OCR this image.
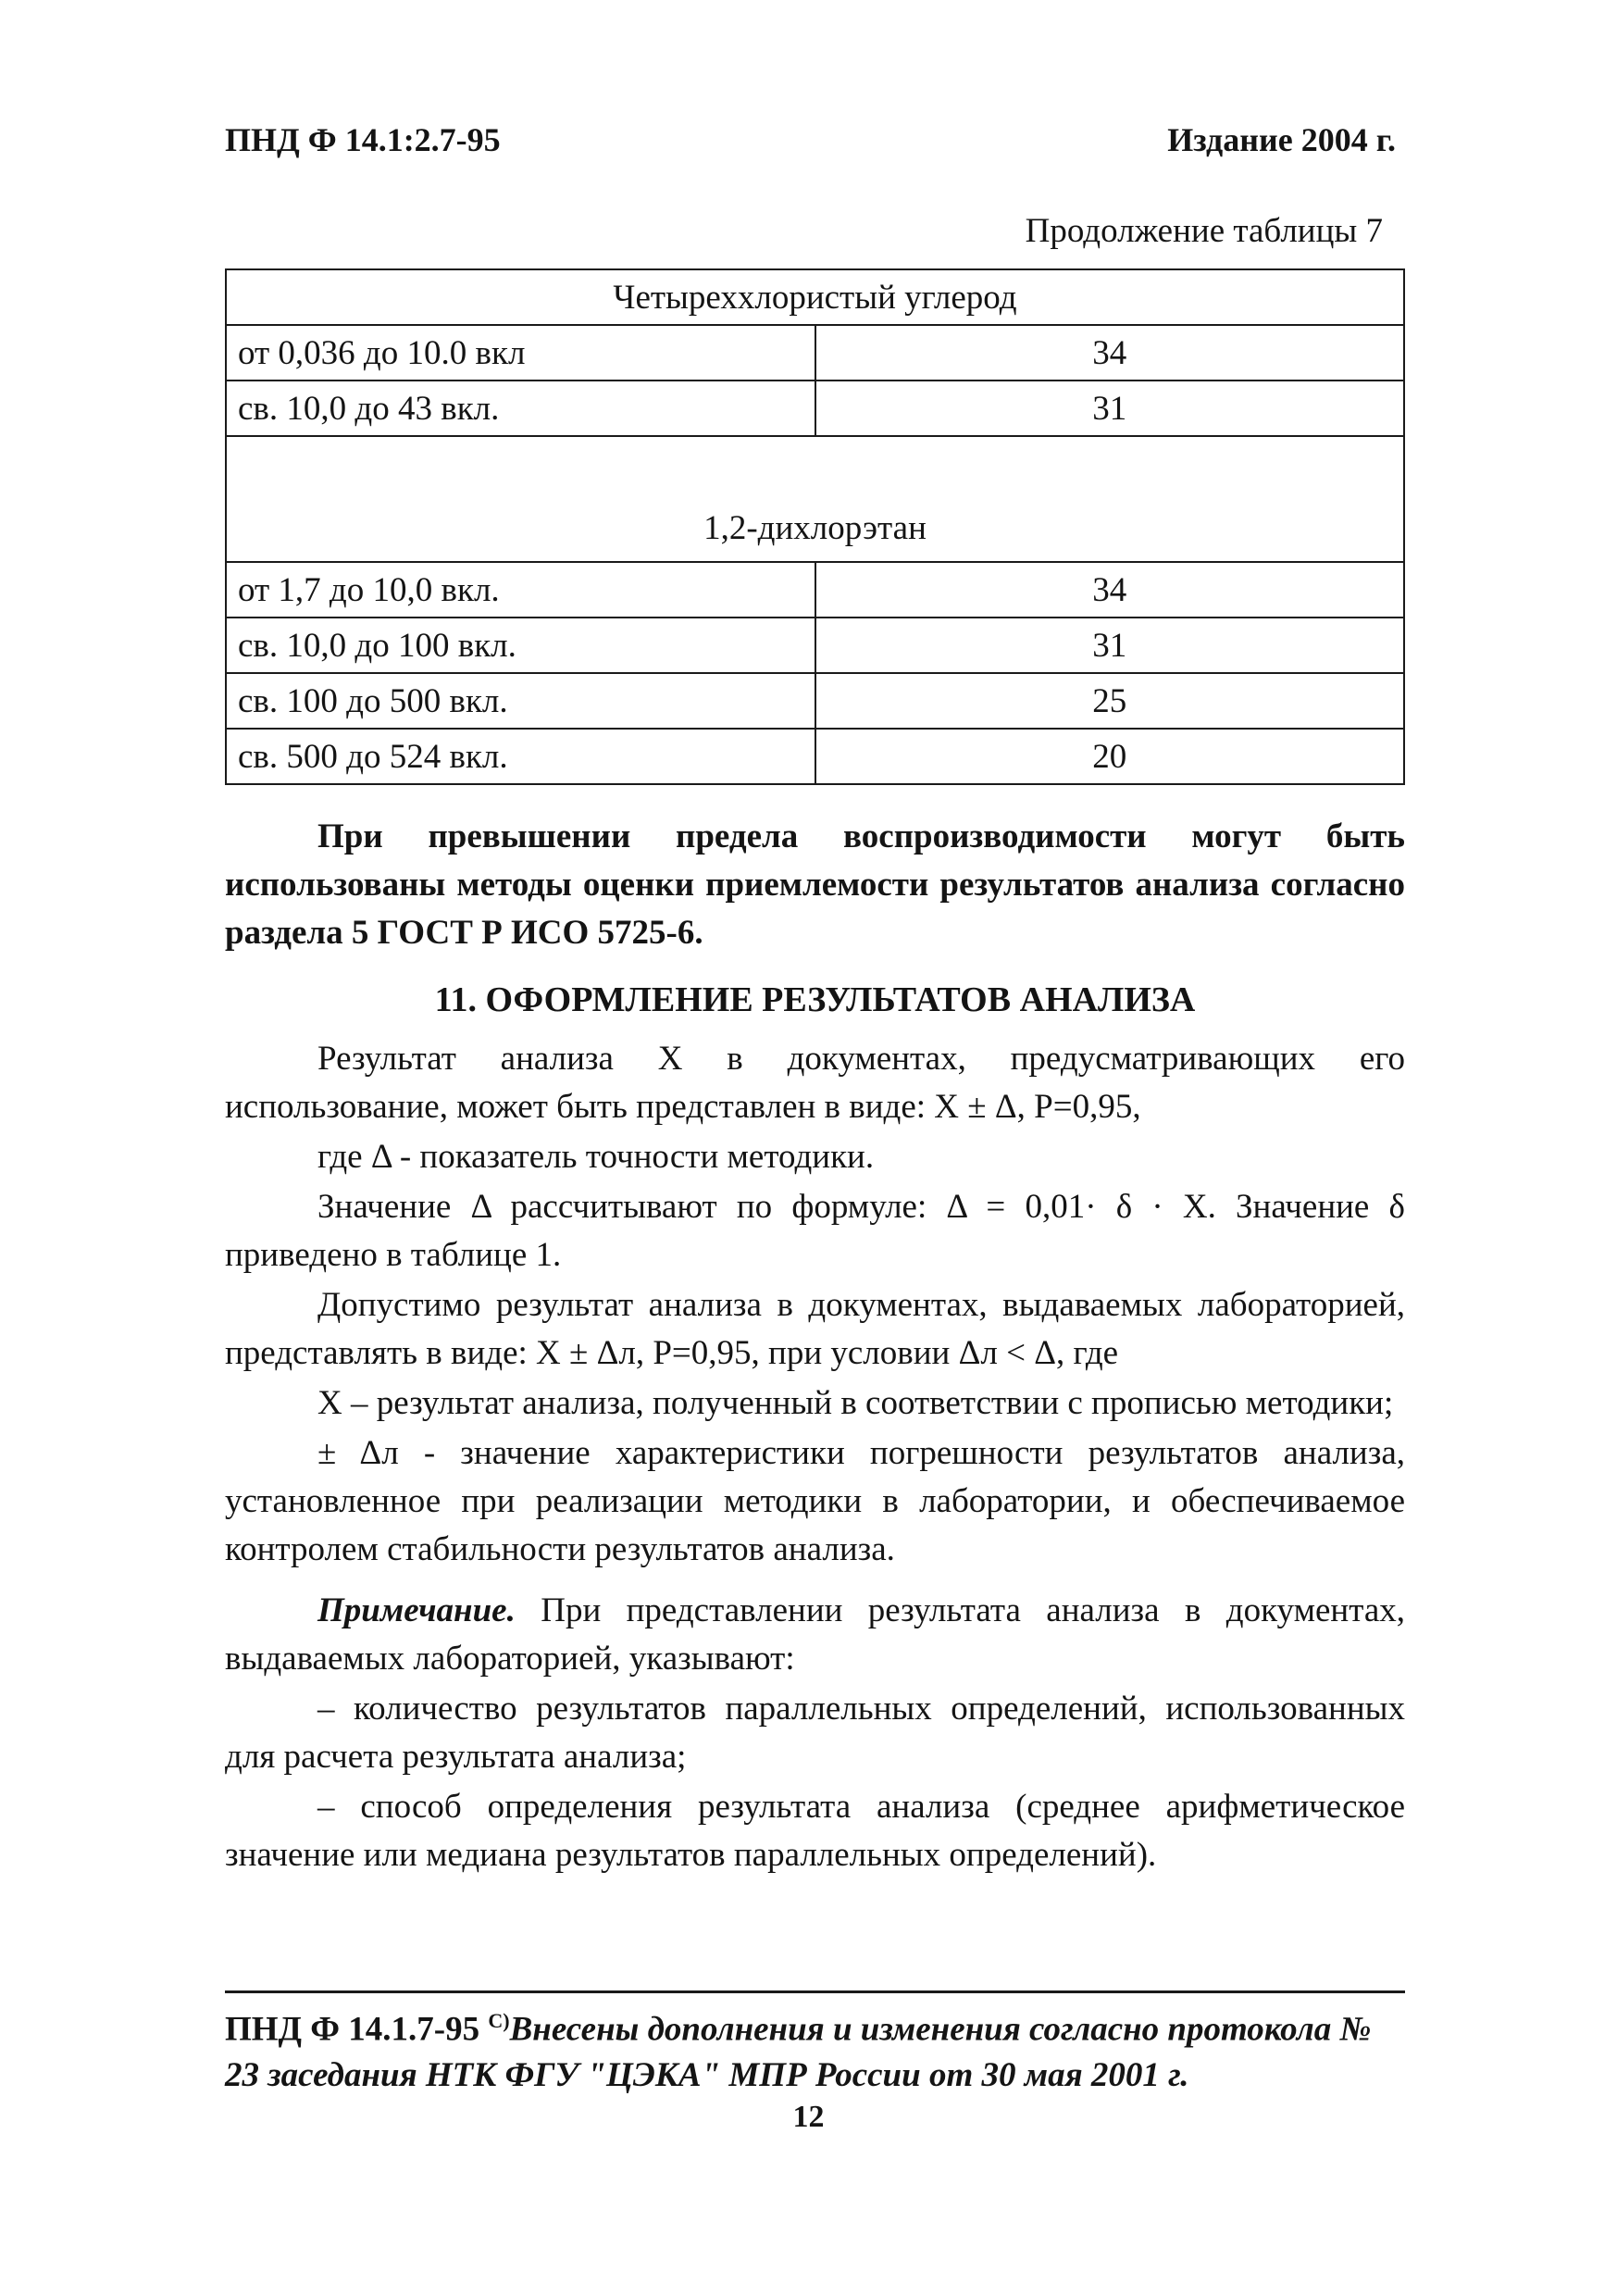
ПНД Ф 14.1:2.7-95	Издание 2004 г.
Продолжение таблицы 7
Четыреххлористый углерод	
от 0,036 до 10.0 вкл	34
св. 10,0 до 43 вкл.	31
1,2-дихлорэтан	
от 1,7 до 10,0 вкл.	34
св. 10,0 до 100 вкл.	31
св. 100 до 500 вкл.	25
св. 500 до 524 вкл.	20

При превышении предела воспроизводимости могут быть использованы методы оценки приемлемости результатов анализа согласно раздела 5 ГОСТ Р ИСО 5725-6.

11. ОФОРМЛЕНИЕ РЕЗУЛЬТАТОВ АНАЛИЗА

Результат анализа X в документах, предусматривающих его использование, может быть представлен в виде: X ± Δ, P=0,95,

где Δ - показатель точности методики.

Значение Δ рассчитывают по формуле: Δ = 0,01· δ · X. Значение δ приведено в таблице 1.

Допустимо результат анализа в документах, выдаваемых лабораторией, представлять в виде: X ± Δл, P=0,95, при условии Δл < Δ, где

X – результат анализа, полученный в соответствии с прописью методики;

± Δл - значение характеристики погрешности результатов анализа, установленное при реализации методики в лаборатории, и обеспечиваемое контролем стабильности результатов анализа.

Примечание. При представлении результата анализа в документах, выдаваемых лабораторией, указывают:

– количество результатов параллельных определений, использованных для расчета результата анализа;

– способ определения результата анализа (среднее арифметическое значение или медиана результатов параллельных определений).

ПНД Ф 14.1.7-95 $^{С)}$Внесены дополнения и изменения согласно протокола № 23 заседания НТК ФГУ "ЦЭКА" МПР России от 30 мая 2001 г.
12
